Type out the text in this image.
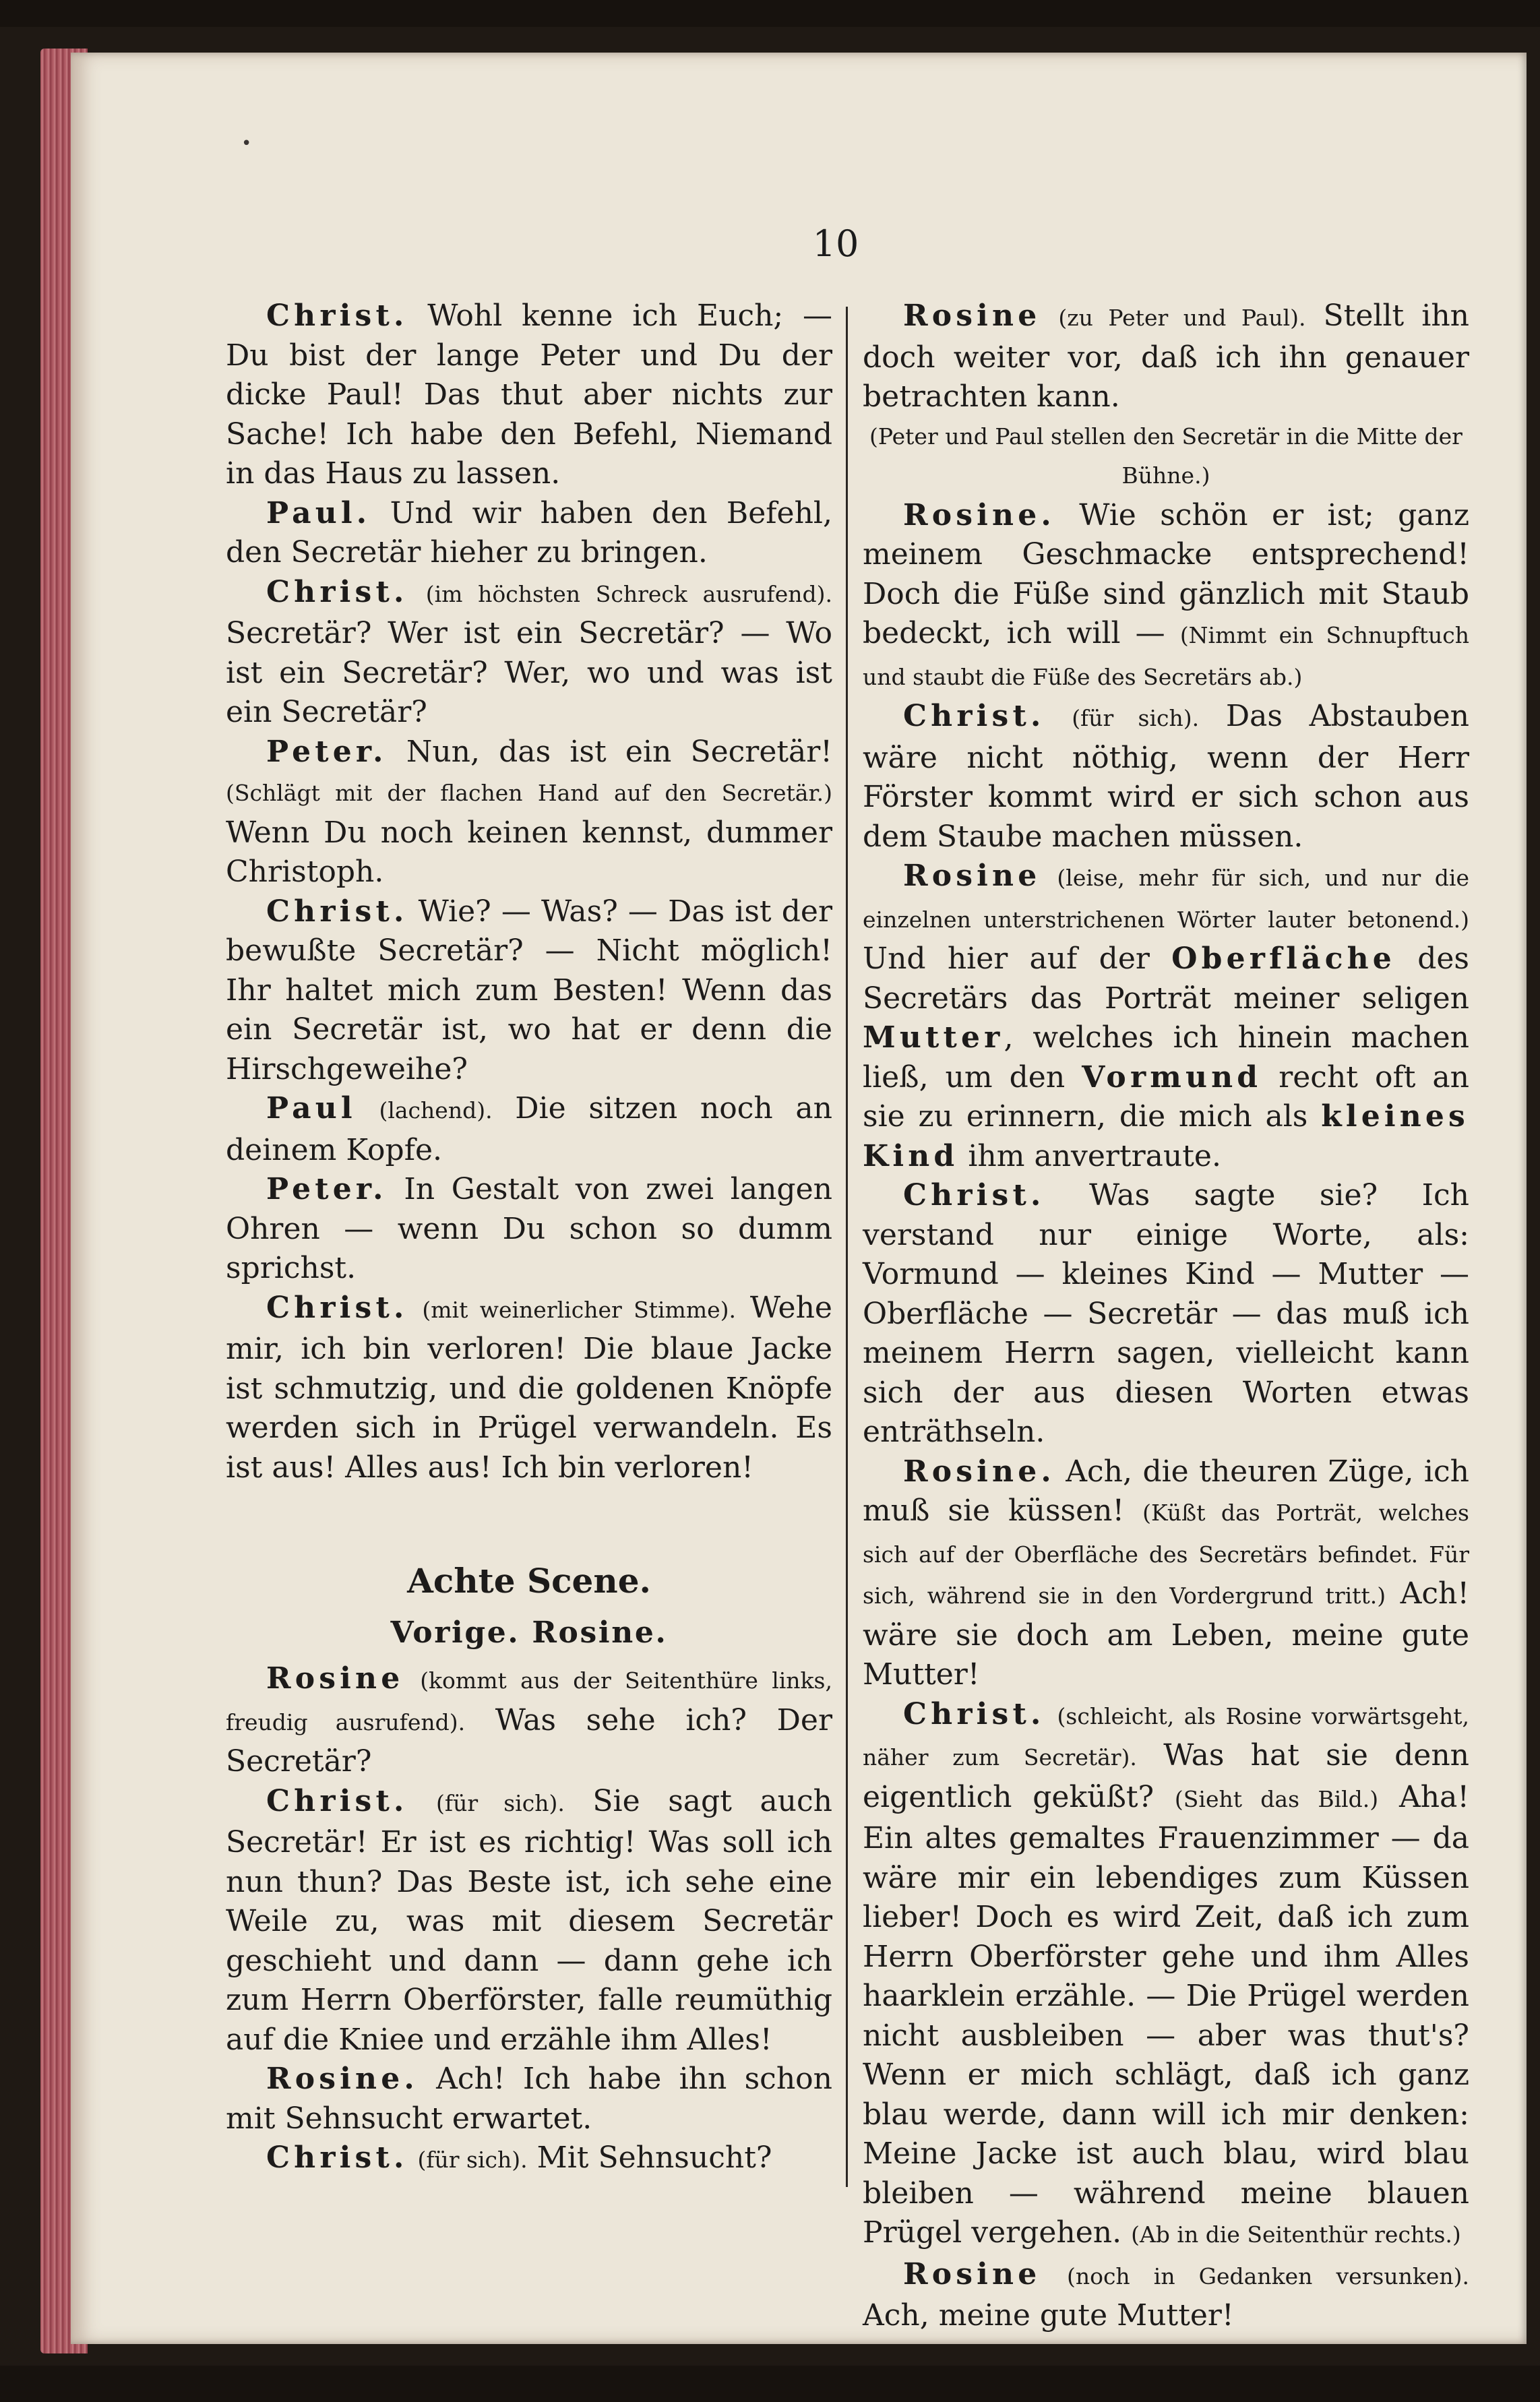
•
10

Christ. Wohl kenne ich Euch; — Du bist der lange Peter und Du der dicke Paul! Das thut aber nichts zur Sache! Ich habe den Befehl, Niemand in das Haus zu lassen.

Paul. Und wir haben den Befehl, den Secretär hieher zu bringen.

Christ. (im höchsten Schreck ausrufend). Secretär? Wer ist ein Secretär? — Wo ist ein Secretär? Wer, wo und was ist ein Secretär?

Peter. Nun, das ist ein Secretär! (Schlägt mit der flachen Hand auf den Secretär.) Wenn Du noch keinen kennst, dummer Christoph.

Christ. Wie? — Was? — Das ist der bewußte Secretär? — Nicht möglich! Ihr haltet mich zum Besten! Wenn das ein Secretär ist, wo hat er denn die Hirschgeweihe?

Paul (lachend). Die sitzen noch an deinem Kopfe.

Peter. In Gestalt von zwei langen Ohren — wenn Du schon so dumm sprichst.

Christ. (mit weinerlicher Stimme). Wehe mir, ich bin verloren! Die blaue Jacke ist schmutzig, und die goldenen Knöpfe werden sich in Prügel verwandeln. Es ist aus! Alles aus! Ich bin verloren!

Achte Scene.

Vorige. Rosine.

Rosine (kommt aus der Seitenthüre links, freudig ausrufend). Was sehe ich? Der Secretär?

Christ. (für sich). Sie sagt auch Secretär! Er ist es richtig! Was soll ich nun thun? Das Beste ist, ich sehe eine Weile zu, was mit diesem Secretär geschieht und dann — dann gehe ich zum Herrn Oberförster, falle reumüthig auf die Kniee und erzähle ihm Alles!

Rosine. Ach! Ich habe ihn schon mit Sehnsucht erwartet.

Christ. (für sich). Mit Sehnsucht?

Rosine (zu Peter und Paul). Stellt ihn doch weiter vor, daß ich ihn genauer betrachten kann.

(Peter und Paul stellen den Secretär in die Mitte der Bühne.)

Rosine. Wie schön er ist; ganz meinem Geschmacke entsprechend! Doch die Füße sind gänzlich mit Staub bedeckt, ich will — (Nimmt ein Schnupftuch und staubt die Füße des Secretärs ab.)

Christ. (für sich). Das Abstauben wäre nicht nöthig, wenn der Herr Förster kommt wird er sich schon aus dem Staube machen müssen.

Rosine (leise, mehr für sich, und nur die einzelnen unterstrichenen Wörter lauter betonend.) Und hier auf der Oberfläche des Secretärs das Porträt meiner seligen Mutter, welches ich hinein machen ließ, um den Vormund recht oft an sie zu erinnern, die mich als kleines Kind ihm anvertraute.

Christ. Was sagte sie? Ich verstand nur einige Worte, als: Vormund — kleines Kind — Mutter — Oberfläche — Secretär — das muß ich meinem Herrn sagen, vielleicht kann sich der aus diesen Worten etwas enträthseln.

Rosine. Ach, die theuren Züge, ich muß sie küssen! (Küßt das Porträt, welches sich auf der Oberfläche des Secretärs befindet. Für sich, während sie in den Vordergrund tritt.) Ach! wäre sie doch am Leben, meine gute Mutter!

Christ. (schleicht, als Rosine vorwärtsgeht, näher zum Secretär). Was hat sie denn eigentlich geküßt? (Sieht das Bild.) Aha! Ein altes gemaltes Frauenzimmer — da wäre mir ein lebendiges zum Küssen lieber! Doch es wird Zeit, daß ich zum Herrn Oberförster gehe und ihm Alles haarklein erzähle. — Die Prügel werden nicht ausbleiben — aber was thut's? Wenn er mich schlägt, daß ich ganz blau werde, dann will ich mir denken: Meine Jacke ist auch blau, wird blau bleiben — während meine blauen Prügel vergehen. (Ab in die Seitenthür rechts.)

Rosine (noch in Gedanken versunken). Ach, meine gute Mutter!
